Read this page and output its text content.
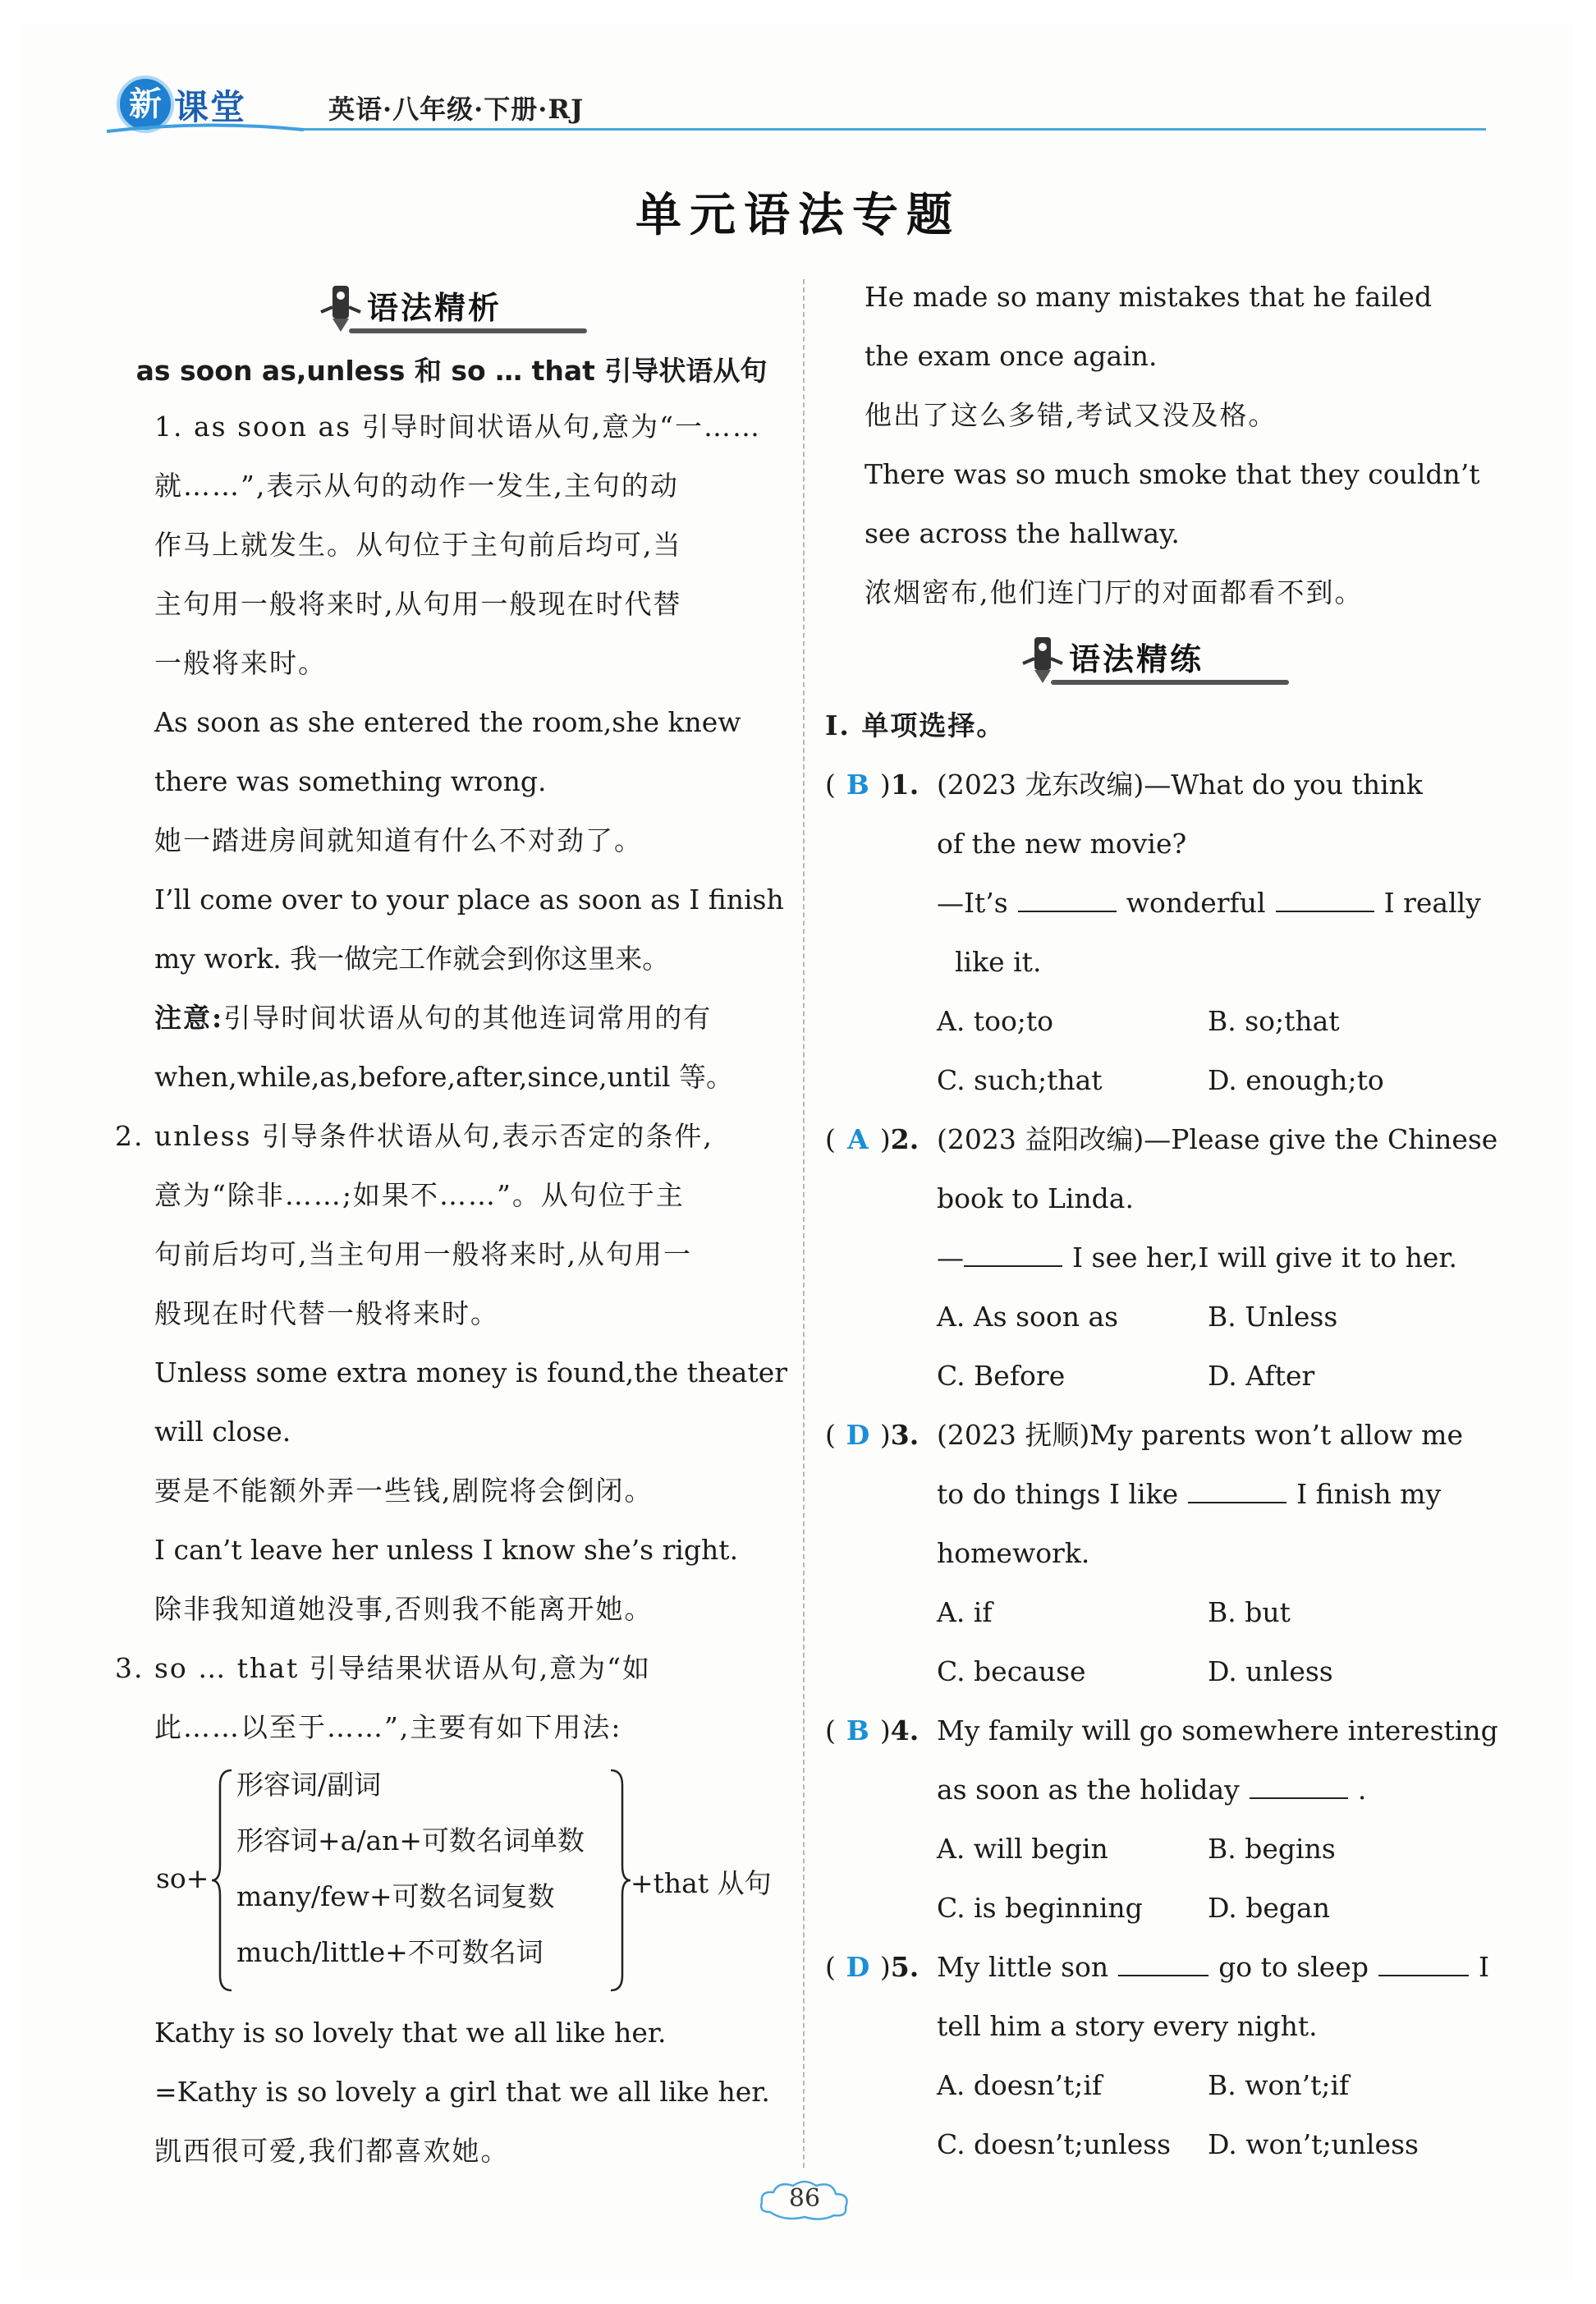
新 课堂	英语·八年级·下册·RJ
单元语法专题
语法精析
as soon as,unless 和 so … that 引导状语从句
1. as soon as 引导时间状语从句,意为“一……
就……”,表示从句的动作一发生,主句的动
作马上就发生。从句位于主句前后均可,当
主句用一般将来时,从句用一般现在时代替
一般将来时。
As soon as she entered the room,she knew
there was something wrong.
她一踏进房间就知道有什么不对劲了。
I’ll come over to your place as soon as I finish
my work. 我一做完工作就会到你这里来。
注意:引导时间状语从句的其他连词常用的有
when,while,as,before,after,since,until 等。
2. unless 引导条件状语从句,表示否定的条件,
意为“除非……;如果不……”。从句位于主
句前后均可,当主句用一般将来时,从句用一
般现在时代替一般将来时。
Unless some extra money is found,the theater
will close.
要是不能额外弄一些钱,剧院将会倒闭。
I can’t leave her unless I know she’s right.
除非我知道她没事,否则我不能离开她。
3. so … that 引导结果状语从句,意为“如
此……以至于……”,主要有如下用法:
so+
形容词/副词
形容词+a/an+可数名词单数
many/few+可数名词复数
much/little+不可数名词
+that 从句
Kathy is so lovely that we all like her.
=Kathy is so lovely a girl that we all like her.
凯西很可爱,我们都喜欢她。
He made so many mistakes that he failed
the exam once again.
他出了这么多错,考试又没及格。
There was so much smoke that they couldn’t
see across the hallway.
浓烟密布,他们连门厅的对面都看不到。
语法精练
Ⅰ. 单项选择。
( B )1. (2023 龙东改编)—What do you think
of the new movie?
—It’s	wonderful	I really
like it.
A. too;to	B. so;that
C. such;that	D. enough;to
( A )2. (2023 益阳改编)—Please give the Chinese
book to Linda.
—	I see her,I will give it to her.
A. As soon as	B. Unless
C. Before	D. After
( D )3. (2023 抚顺)My parents won’t allow me
to do things I like	I finish my
homework.
A. if	B. but
C. because	D. unless
( B )4. My family will go somewhere interesting
as soon as the holiday	.
A. will begin	B. begins
C. is beginning	D. began
( D )5. My little son	go to sleep	I
tell him a story every night.
A. doesn’t;if	B. won’t;if
C. doesn’t;unless	D. won’t;unless
86
